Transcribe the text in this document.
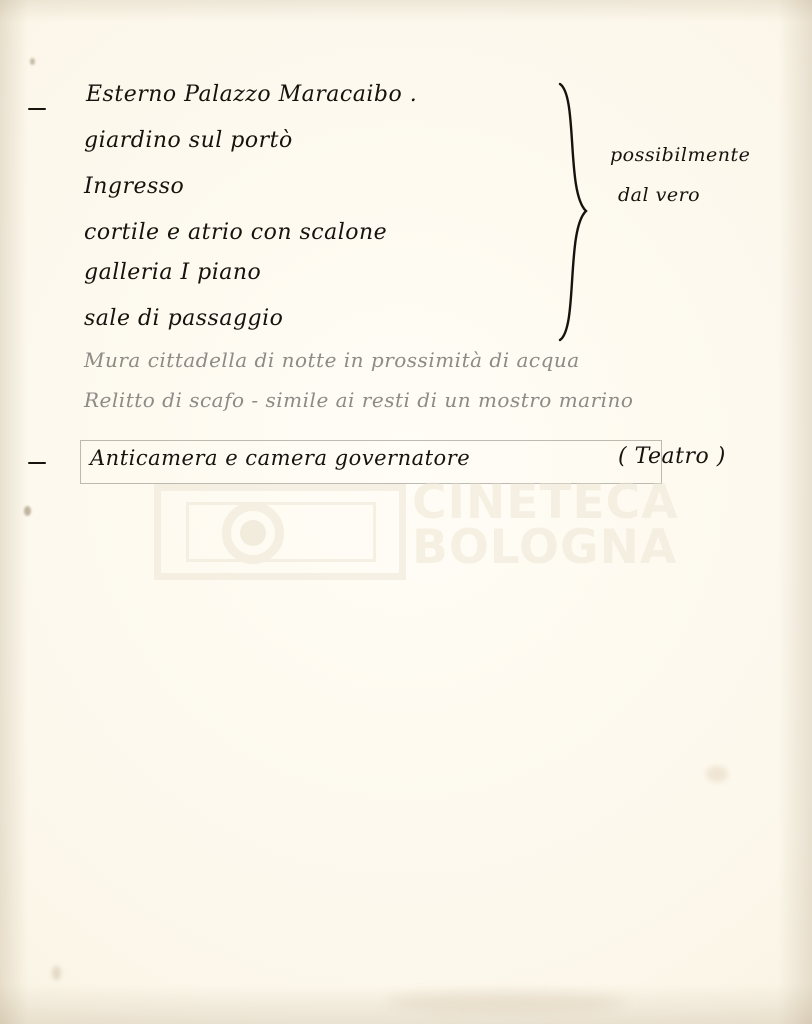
Esterno Palazzo Maracaibo .
giardino sul portò
Ingresso
cortile e atrio con scalone
galleria I piano
sale di passaggio
possibilmente
dal vero
Mura cittadella di notte in prossimità di acqua
Relitto di scafo - simile ai resti di un mostro marino
Anticamera e camera governatore	( Teatro )
CINETECA
BOLOGNA
